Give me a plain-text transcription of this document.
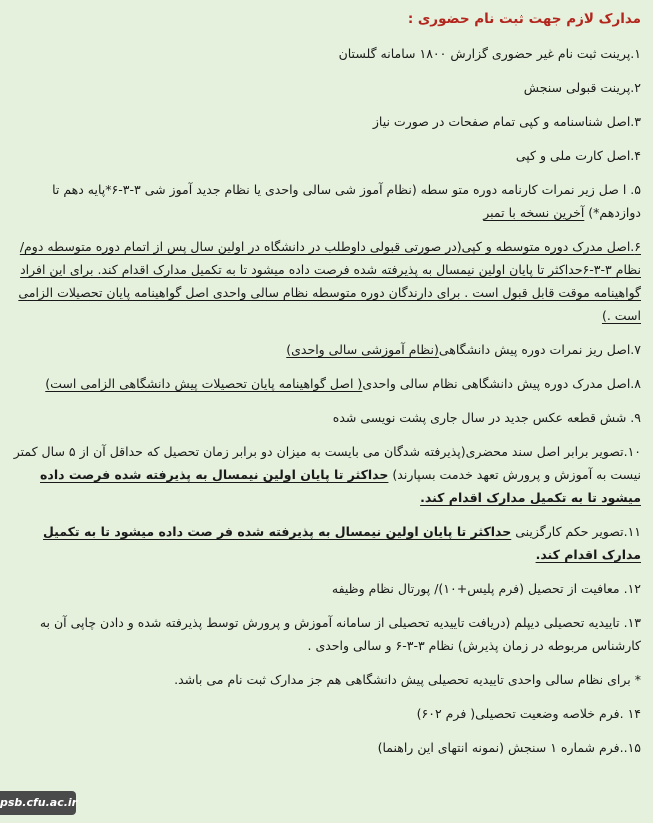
مدارک لازم جهت ثبت نام حضوری :
۱.پرینت ثبت نام غیر حضوری گزارش ۱۸۰۰ سامانه گلستان
۲.پرینت قبولی سنجش
۳.اصل شناسنامه و کپی تمام صفحات در صورت نیاز
۴.اصل کارت ملی و کپی
۵. ا صل زیر نمرات کارنامه دوره متو سطه (نظام آموز شی سالی واحدی یا نظام جدید آموز شی ۳-۳-۶*پایه دهم تا دوازدهم*) آخرین نسخه با تمبر
۶.اصل مدرک دوره متوسطه و کپی(در صورتی قبولی داوطلب در دانشگاه در اولین سال پس از اتمام دوره متوسطه دوم/ نظام ۳-۳-۶حداکثر تا پایان اولین نیمسال به پذیرفته شده فرصت داده میشود تا به تکمیل مدارک اقدام کند. برای این افراد گواهینامه موقت قابل قبول است . برای دارندگان دوره متوسطه نظام سالی واحدی اصل گواهینامه پایان تحصیلات الزامی است .)
۷.اصل ریز نمرات دوره پیش دانشگاهی(نظام آموزشی سالی واحدی)
۸.اصل مدرک دوره پیش دانشگاهی نظام سالی واحدی( اصل گواهینامه پایان تحصیلات پیش دانشگاهی الزامی است)
۹. شش قطعه عکس جدید در سال جاری پشت نویسی شده
۱۰.تصویر برابر اصل سند محضری(پذیرفته شدگان می بایست به میزان دو برابر زمان تحصیل که حداقل آن از ۵ سال کمتر نیست به آموزش و پرورش تعهد خدمت بسپارند) حداکثر تا پایان اولین نیمسال به پذیرفته شده فرصت داده میشود تا به تکمیل مدارک اقدام کند.
۱۱.تصویر حکم کارگزینی حداکثر تا پایان اولین نیمسال به پذیرفته شده فر صت داده میشود تا به تکمیل مدارک اقدام کند.
۱۲. معافیت از تحصیل (فرم پلیس+۱۰)/ پورتال نظام وظیفه
۱۳. تاییدیه تحصیلی دیپلم (دریافت تاییدیه تحصیلی از سامانه آموزش و پرورش توسط پذیرفته شده و دادن چاپی آن به کارشناس مربوطه در زمان پذیرش) نظام ۳-۳-۶ و سالی واحدی .
* برای نظام سالی واحدی تاییدیه تحصیلی پیش دانشگاهی هم جز مدارک ثبت نام می باشد.
۱۴ .فرم خلاصه وضعیت تحصیلی( فرم ۶۰۲)
۱۵..فرم شماره ۱ سنجش (نمونه انتهای این راهنما)
psb.cfu.ac.ir
